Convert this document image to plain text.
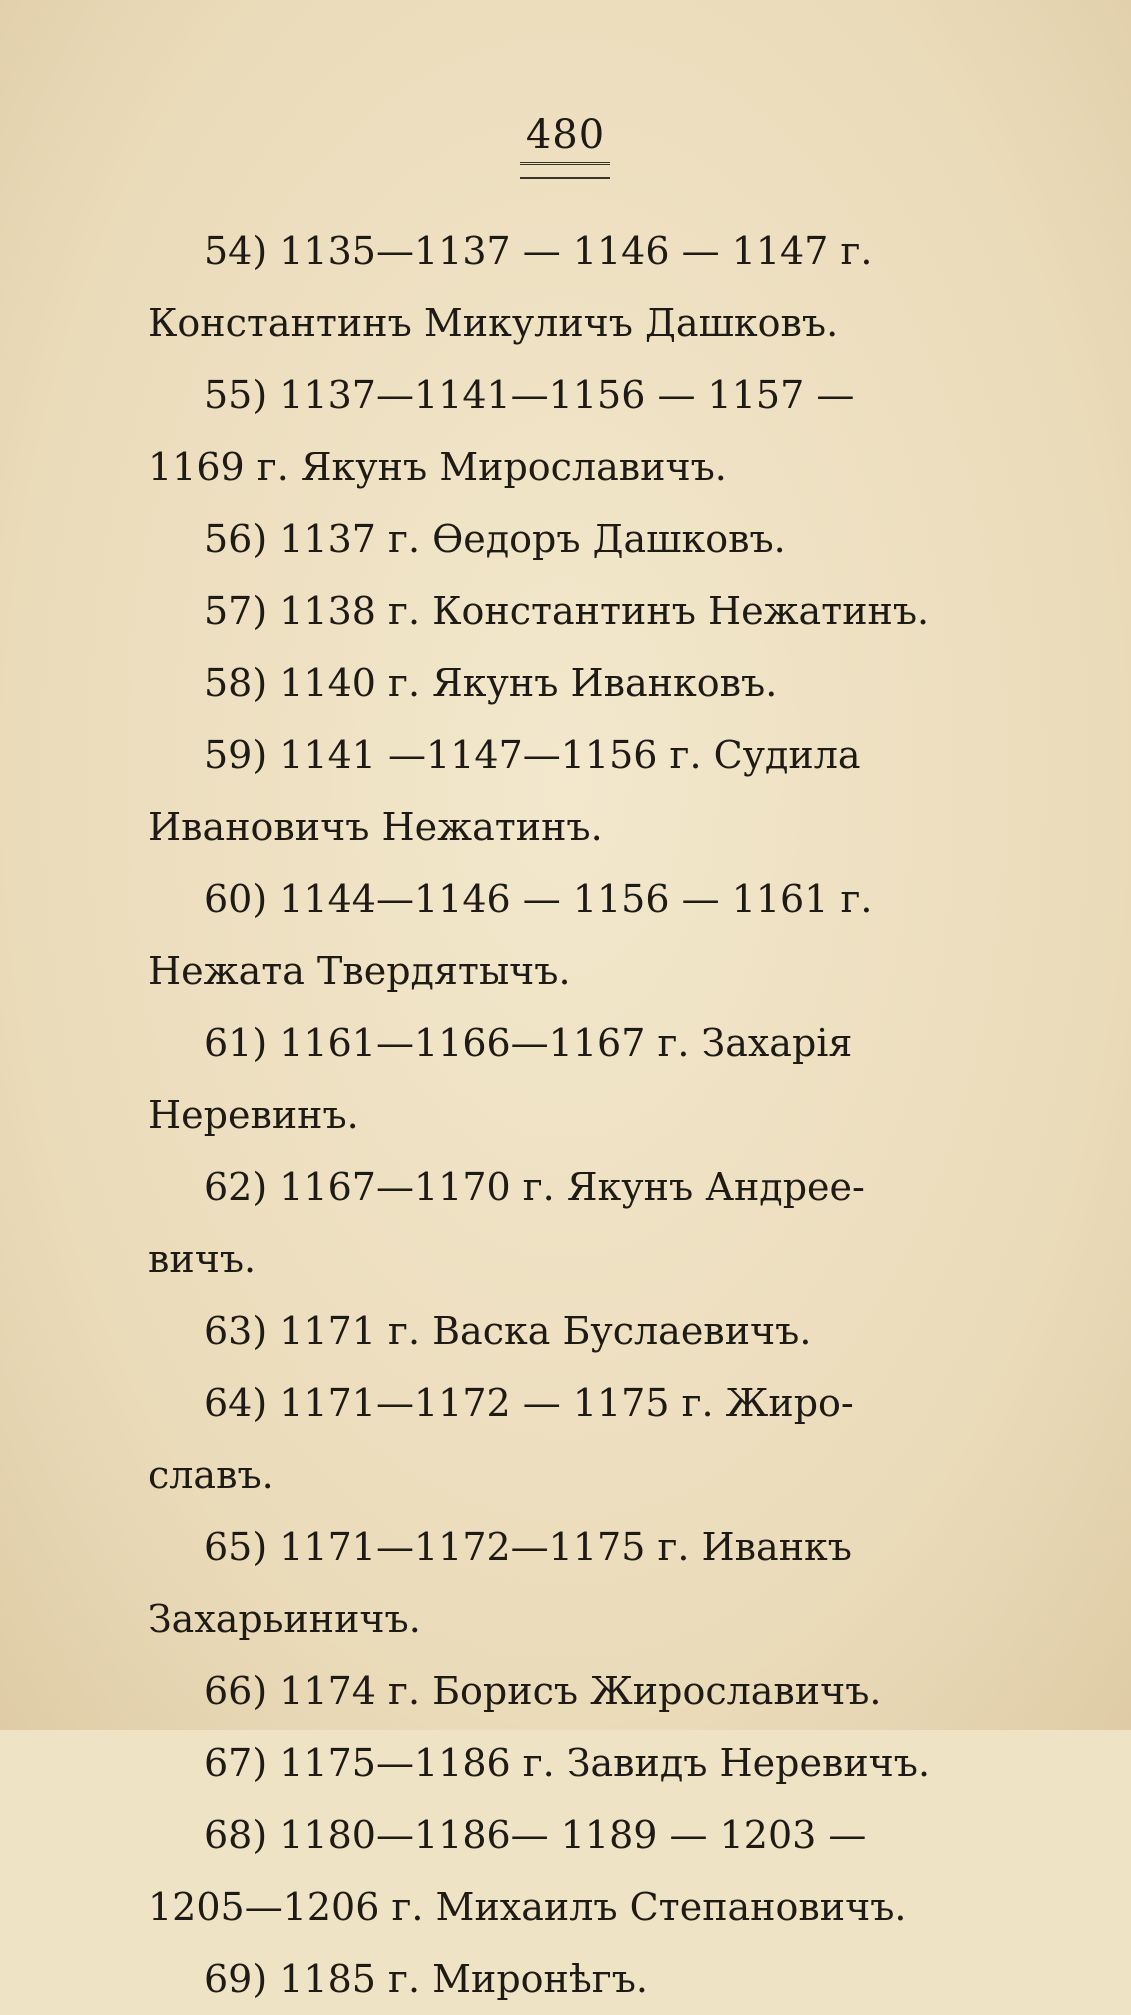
480
54) 1135—1137 — 1146 — 1147 г.
Константинъ Микуличъ Дашковъ.
55) 1137—1141—1156 — 1157 —
1169 г. Якунъ Мирославичъ.
56) 1137 г. Ѳедоръ Дашковъ.
57) 1138 г. Константинъ Нежатинъ.
58) 1140 г. Якунъ Иванковъ.
59) 1141 —1147—1156 г. Судила
Ивановичъ Нежатинъ.
60) 1144—1146 — 1156 — 1161 г.
Нежата Твердятычъ.
61) 1161—1166—1167 г. Захарія
Неревинъ.
62) 1167—1170 г. Якунъ Андрее-
вичъ.
63) 1171 г. Васка Буслаевичъ.
64) 1171—1172 — 1175 г. Жиро-
славъ.
65) 1171—1172—1175 г. Иванкъ
Захарьиничъ.
66) 1174 г. Борисъ Жирославичъ.
67) 1175—1186 г. Завидъ Неревичъ.
68) 1180—1186— 1189 — 1203 —
1205—1206 г. Михаилъ Степановичъ.
69) 1185 г. Миронѣгъ.
